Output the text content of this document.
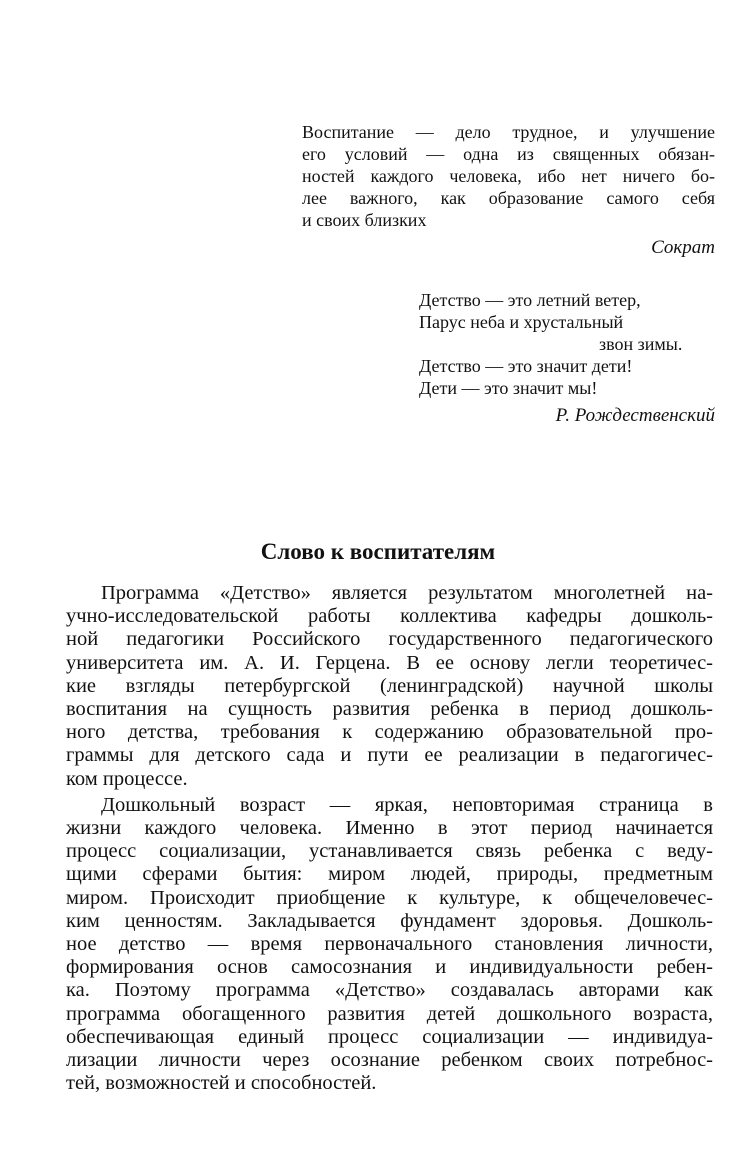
Воспитание — дело трудное, и улучшение
его условий — одна из священных обязан-
ностей каждого человека, ибо нет ничего бо-
лее важного, как образование самого себя
и своих близких
Сократ
Детство — это летний ветер,
Парус неба и хрустальный
звон зимы.
Детство — это значит дети!
Дети — это значит мы!
Р. Рождественский
Слово к воспитателям
Программа «Детство» является результатом многолетней на-
учно-исследовательской работы коллектива кафедры дошколь-
ной педагогики Российского государственного педагогического
университета им. А. И. Герцена. В ее основу легли теоретичес-
кие взгляды петербургской (ленинградской) научной школы
воспитания на сущность развития ребенка в период дошколь-
ного детства, требования к содержанию образовательной про-
граммы для детского сада и пути ее реализации в педагогичес-
ком процессе.
Дошкольный возраст — яркая, неповторимая страница в
жизни каждого человека. Именно в этот период начинается
процесс социализации, устанавливается связь ребенка с веду-
щими сферами бытия: миром людей, природы, предметным
миром. Происходит приобщение к культуре, к общечеловечес-
ким ценностям. Закладывается фундамент здоровья. Дошколь-
ное детство — время первоначального становления личности,
формирования основ самосознания и индивидуальности ребен-
ка. Поэтому программа «Детство» создавалась авторами как
программа обогащенного развития детей дошкольного возраста,
обеспечивающая единый процесс социализации — индивидуа-
лизации личности через осознание ребенком своих потребнос-
тей, возможностей и способностей.
